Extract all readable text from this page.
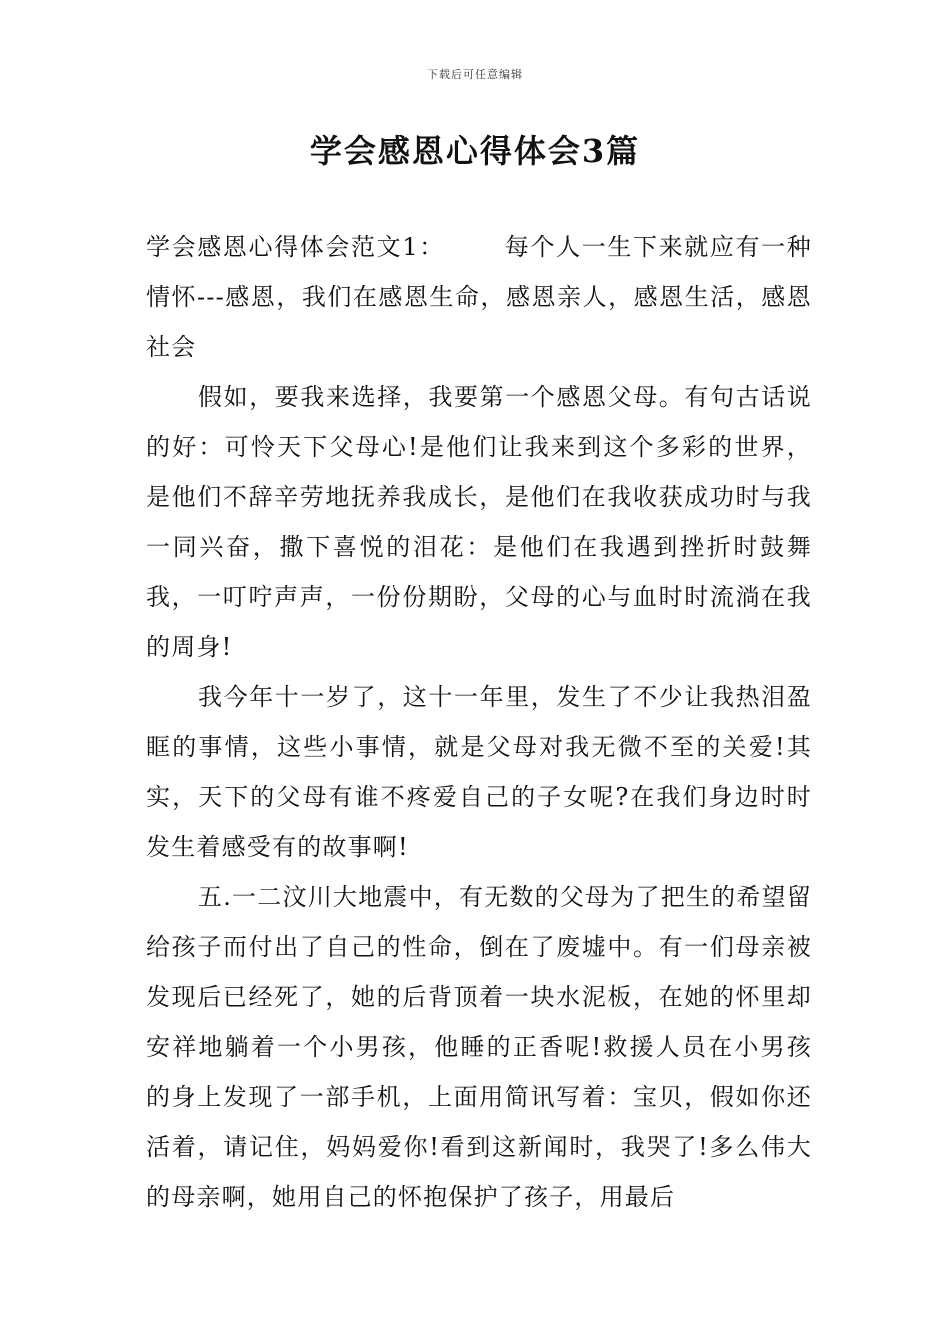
下载后可任意编辑
学会感恩心得体会3篇

学会感恩心得体会范文1：	每个人一生下来就应有一种情怀---感恩，我们在感恩生命，感恩亲人，感恩生活，感恩社会

假如，要我来选择，我要第一个感恩父母。有句古话说的好：可怜天下父母心!是他们让我来到这个多彩的世界，是他们不辞辛劳地抚养我成长，是他们在我收获成功时与我一同兴奋，撒下喜悦的泪花：是他们在我遇到挫折时鼓舞我，一叮咛声声，一份份期盼，父母的心与血时时流淌在我的周身!

我今年十一岁了，这十一年里，发生了不少让我热泪盈眶的事情，这些小事情，就是父母对我无微不至的关爱!其实，天下的父母有谁不疼爱自己的子女呢?在我们身边时时发生着感受有的故事啊!

五.一二汶川大地震中，有无数的父母为了把生的希望留给孩子而付出了自己的性命，倒在了废墟中。有一们母亲被发现后已经死了，她的后背顶着一块水泥板，在她的怀里却安祥地躺着一个小男孩，他睡的正香呢!救援人员在小男孩的身上发现了一部手机，上面用简讯写着：宝贝，假如你还活着，请记住，妈妈爱你!看到这新闻时，我哭了!多么伟大的母亲啊，她用自己的怀抱保护了孩子，用最后
